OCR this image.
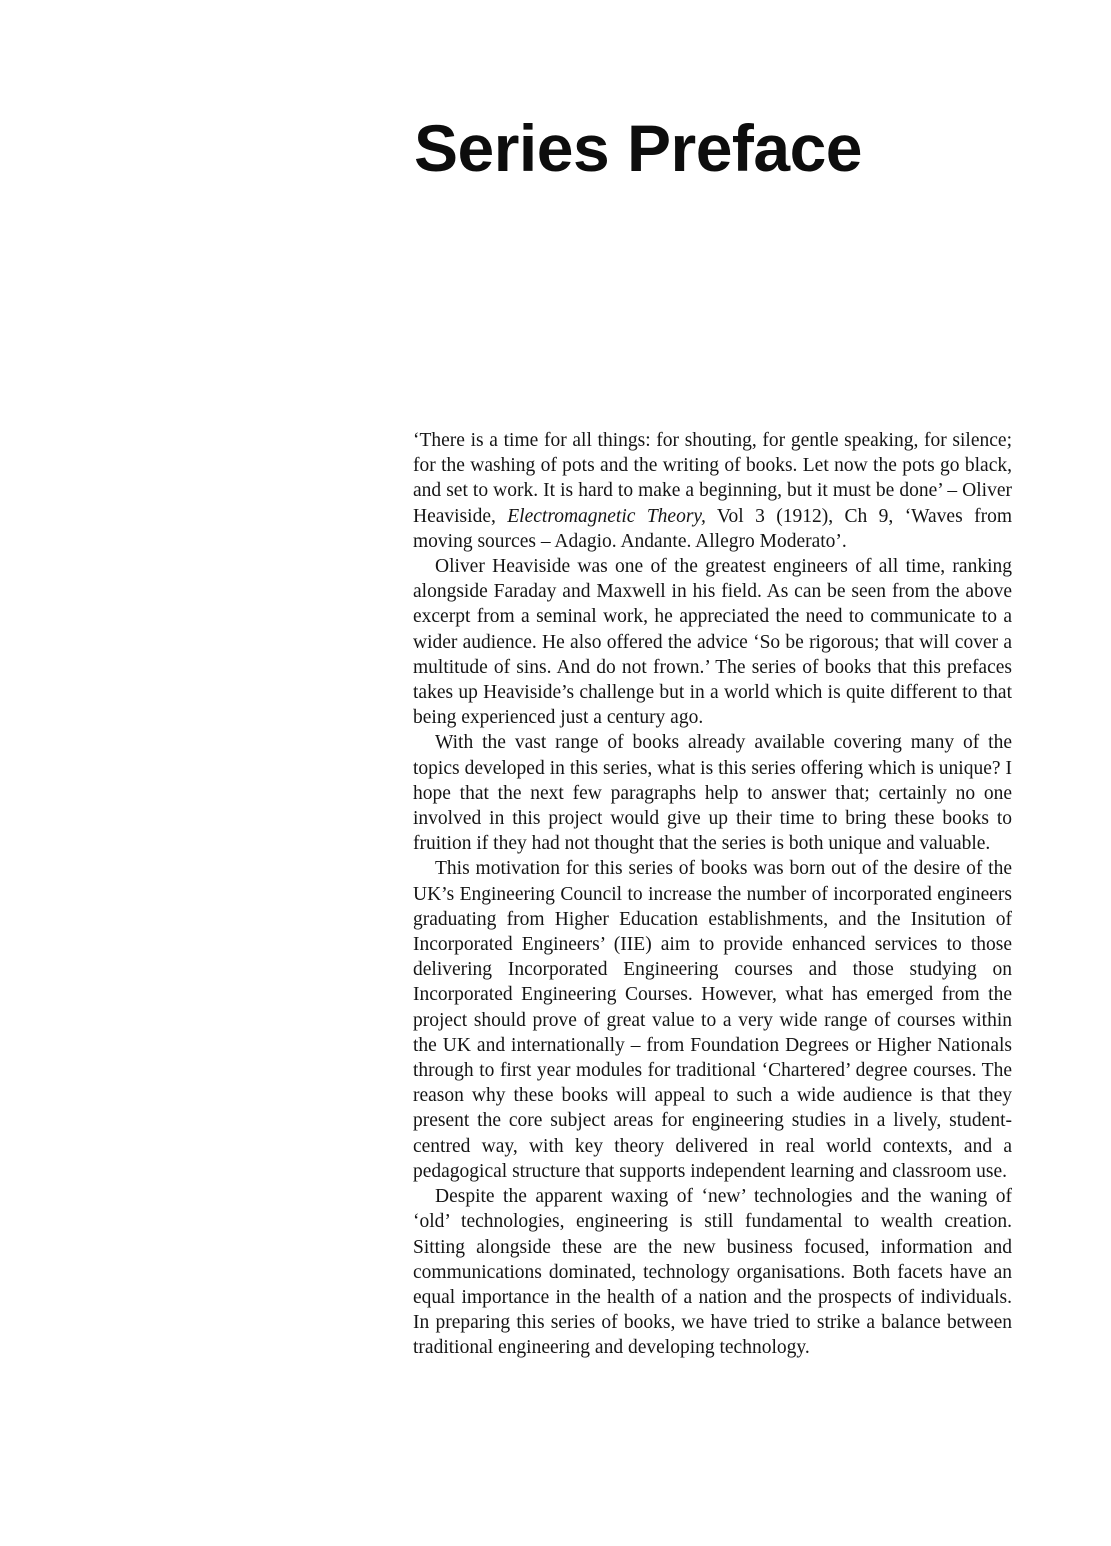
Series Preface

‘There is a time for all things: for shouting, for gentle speaking, for silence; for the washing of pots and the writing of books. Let now the pots go black, and set to work. It is hard to make a beginning, but it must be done’ – Oliver Heaviside, Electromagnetic Theory, Vol 3 (1912), Ch 9, ‘Waves from moving sources – Adagio. Andante. Allegro Moderato’.

Oliver Heaviside was one of the greatest engineers of all time, ranking alongside Faraday and Maxwell in his field. As can be seen from the above excerpt from a seminal work, he appreciated the need to communicate to a wider audience. He also offered the advice ‘So be rigorous; that will cover a multitude of sins. And do not frown.’ The series of books that this prefaces takes up Heaviside’s challenge but in a world which is quite different to that being experienced just a century ago.

With the vast range of books already available covering many of the topics developed in this series, what is this series offering which is unique? I hope that the next few paragraphs help to answer that; certainly no one involved in this project would give up their time to bring these books to fruition if they had not thought that the series is both unique and valuable.

This motivation for this series of books was born out of the desire of the UK’s Engineering Council to increase the number of incorporated engineers graduating from Higher Education establishments, and the Insitution of Incorporated Engineers’ (IIE) aim to provide enhanced services to those delivering Incorporated Engineering courses and those studying on Incorporated Engineering Courses. However, what has emerged from the project should prove of great value to a very wide range of courses within the UK and internationally – from Foundation Degrees or Higher Nationals through to first year modules for traditional ‘Chartered’ degree courses. The reason why these books will appeal to such a wide audience is that they present the core subject areas for engineering studies in a lively, student-centred way, with key theory delivered in real world contexts, and a pedagogical structure that supports independent learning and classroom use.

Despite the apparent waxing of ‘new’ technologies and the waning of ‘old’ technologies, engineering is still fundamental to wealth creation. Sitting alongside these are the new business focused, information and communications dominated, technology organisations. Both facets have an equal importance in the health of a nation and the prospects of individuals. In preparing this series of books, we have tried to strike a balance between traditional engineering and developing technology.
